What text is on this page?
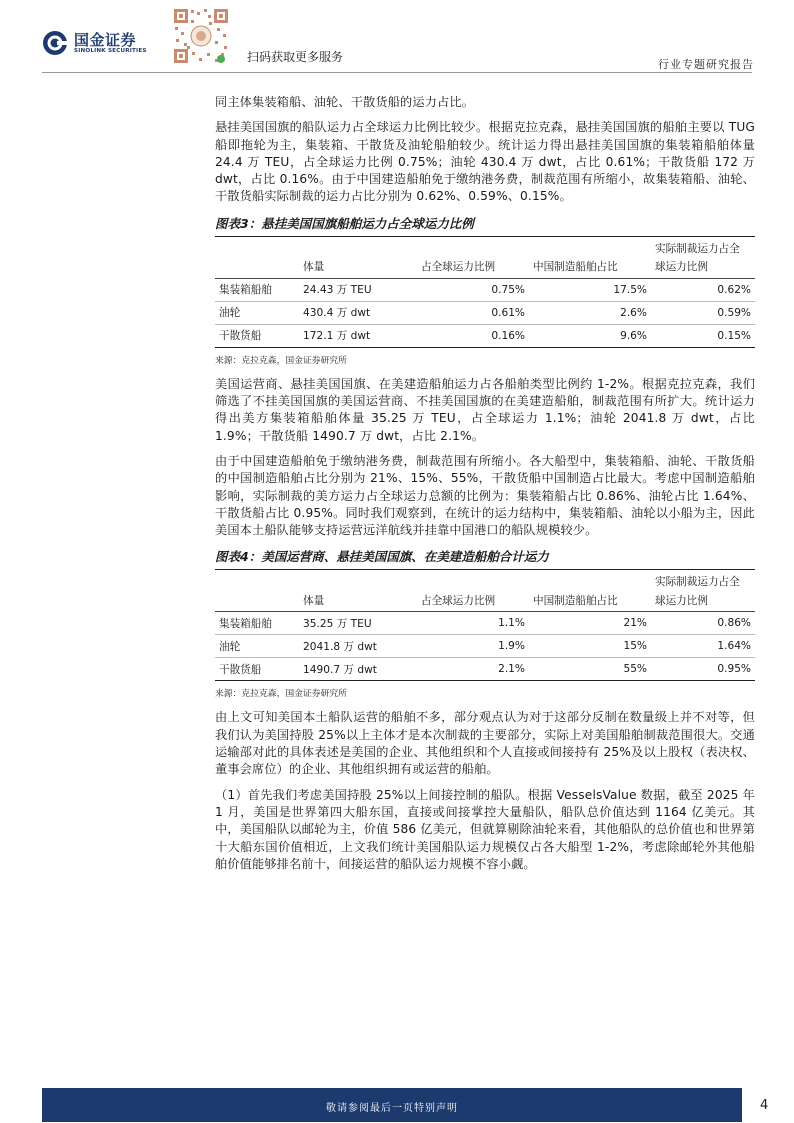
国金证券
SINOLINK SECURITIES	扫码获取更多服务
行业专题研究报告

同主体集装箱船、油轮、干散货船的运力占比。

悬挂美国国旗的船队运力占全球运力比例比较少。根据克拉克森，悬挂美国国旗的船舶主要以 TUG 船即拖轮为主，集装箱、干散货及油轮船舶较少。统计运力得出悬挂美国国旗的集装箱船舶体量 24.4 万 TEU，占全球运力比例 0.75%；油轮 430.4 万 dwt，占比 0.61%；干散货船 172 万 dwt，占比 0.16%。由于中国建造船舶免于缴纳港务费，制裁范围有所缩小，故集装箱船、油轮、干散货船实际制裁的运力占比分别为 0.62%、0.59%、0.15%。

图表3：悬挂美国国旗船舶运力占全球运力比例
				实际制裁运力占全
	体量	占全球运力比例	中国制造船舶占比	球运力比例
集装箱船舶	24.43 万 TEU	0.75%	17.5%	0.62%
油轮	430.4 万 dwt	0.61%	2.6%	0.59%
干散货船	172.1 万 dwt	0.16%	9.6%	0.15%
来源：克拉克森，国金证券研究所

美国运营商、悬挂美国国旗、在美建造船舶运力占各船舶类型比例约 1-2%。根据克拉克森，我们筛选了不挂美国国旗的美国运营商、不挂美国国旗的在美建造船舶，制裁范围有所扩大。统计运力得出美方集装箱船舶体量 35.25 万 TEU，占全球运力 1.1%；油轮 2041.8 万 dwt，占比 1.9%；干散货船 1490.7 万 dwt，占比 2.1%。

由于中国建造船舶免于缴纳港务费，制裁范围有所缩小。各大船型中，集装箱船、油轮、干散货船的中国制造船舶占比分别为 21%、15%、55%，干散货船中国制造占比最大。考虑中国制造船舶影响，实际制裁的美方运力占全球运力总额的比例为：集装箱船占比 0.86%、油轮占比 1.64%、干散货船占比 0.95%。同时我们观察到，在统计的运力结构中，集装箱船、油轮以小船为主，因此美国本土船队能够支持运营远洋航线并挂靠中国港口的船队规模较少。

图表4：美国运营商、悬挂美国国旗、在美建造船舶合计运力
				实际制裁运力占全
	体量	占全球运力比例	中国制造船舶占比	球运力比例
集装箱船舶	35.25 万 TEU	1.1%	21%	0.86%
油轮	2041.8 万 dwt	1.9%	15%	1.64%
干散货船	1490.7 万 dwt	2.1%	55%	0.95%
来源：克拉克森，国金证券研究所

由上文可知美国本土船队运营的船舶不多，部分观点认为对于这部分反制在数量级上并不对等，但我们认为美国持股 25%以上主体才是本次制裁的主要部分，实际上对美国船舶制裁范围很大。交通运输部对此的具体表述是美国的企业、其他组织和个人直接或间接持有 25%及以上股权（表决权、董事会席位）的企业、其他组织拥有或运营的船舶。

（1）首先我们考虑美国持股 25%以上间接控制的船队。根据 VesselsValue 数据，截至 2025 年 1 月，美国是世界第四大船东国，直接或间接掌控大量船队，船队总价值达到 1164 亿美元。其中，美国船队以邮轮为主，价值 586 亿美元，但就算剔除油轮来看，其他船队的总价值也和世界第十大船东国价值相近，上文我们统计美国船队运力规模仅占各大船型 1-2%，考虑除邮轮外其他船舶价值能够排名前十，间接运营的船队运力规模不容小觑。

敬请参阅最后一页特别声明	4
